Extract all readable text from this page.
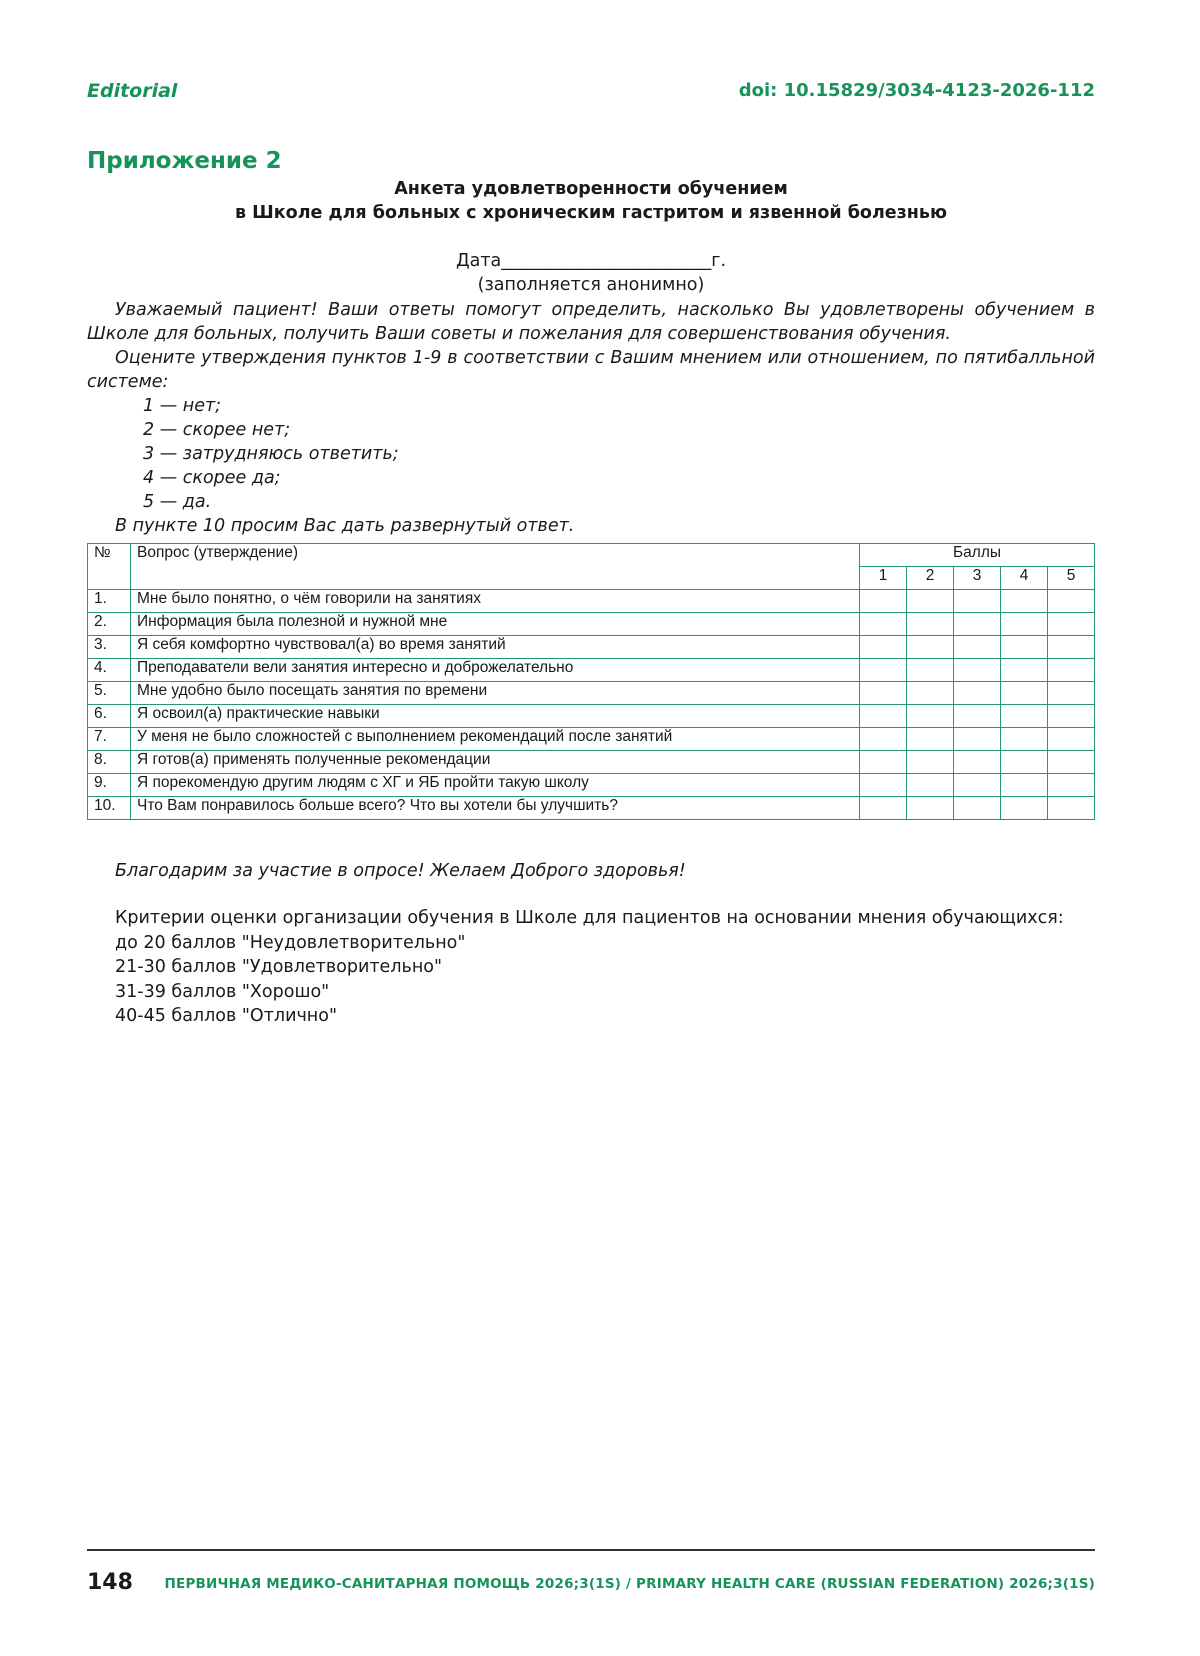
Editorial	doi: 10.15829/3034-4123-2026-112
Приложение 2
Анкета удовлетворенности обучением
в Школе для больных с хроническим гастритом и язвенной болезнью
Дата________________________г.
(заполняется анонимно)

Уважаемый пациент! Ваши ответы помогут определить, насколько Вы удовлетворены обучением в Школе для больных, получить Ваши советы и пожелания для совершенствования обучения.

Оцените утверждения пунктов 1-9 в соответствии с Вашим мнением или отношением, по пятибалльной системе:

1 — нет;

2 — скорее нет;

3 — затрудняюсь ответить;

4 — скорее да;

5 — да.

В пункте 10 просим Вас дать развернутый ответ.

№	Вопрос (утверждение)	Баллы				
		1	2	3	4	5
1.	Мне было понятно, о чём говорили на занятиях					
2.	Информация была полезной и нужной мне					
3.	Я себя комфортно чувствовал(а) во время занятий					
4.	Преподаватели вели занятия интересно и доброжелательно					
5.	Мне удобно было посещать занятия по времени					
6.	Я освоил(а) практические навыки					
7.	У меня не было сложностей с выполнением рекомендаций после занятий					
8.	Я готов(а) применять полученные рекомендации					
9.	Я порекомендую другим людям с ХГ и ЯБ пройти такую школу					
10.	Что Вам понравилось больше всего? Что вы хотели бы улучшить?					
Благодарим за участие в опросе! Желаем Доброго здоровья!
Критерии оценки организации обучения в Школе для пациентов на основании мнения обучающихся:
до 20 баллов "Неудовлетворительно"
21-30 баллов "Удовлетворительно"
31-39 баллов "Хорошо"
40-45 баллов "Отлично"
148 ПЕРВИЧНАЯ МЕДИКО-САНИТАРНАЯ ПОМОЩЬ 2026;3(1S) / PRIMARY HEALTH CARE (RUSSIAN FEDERATION) 2026;3(1S)
